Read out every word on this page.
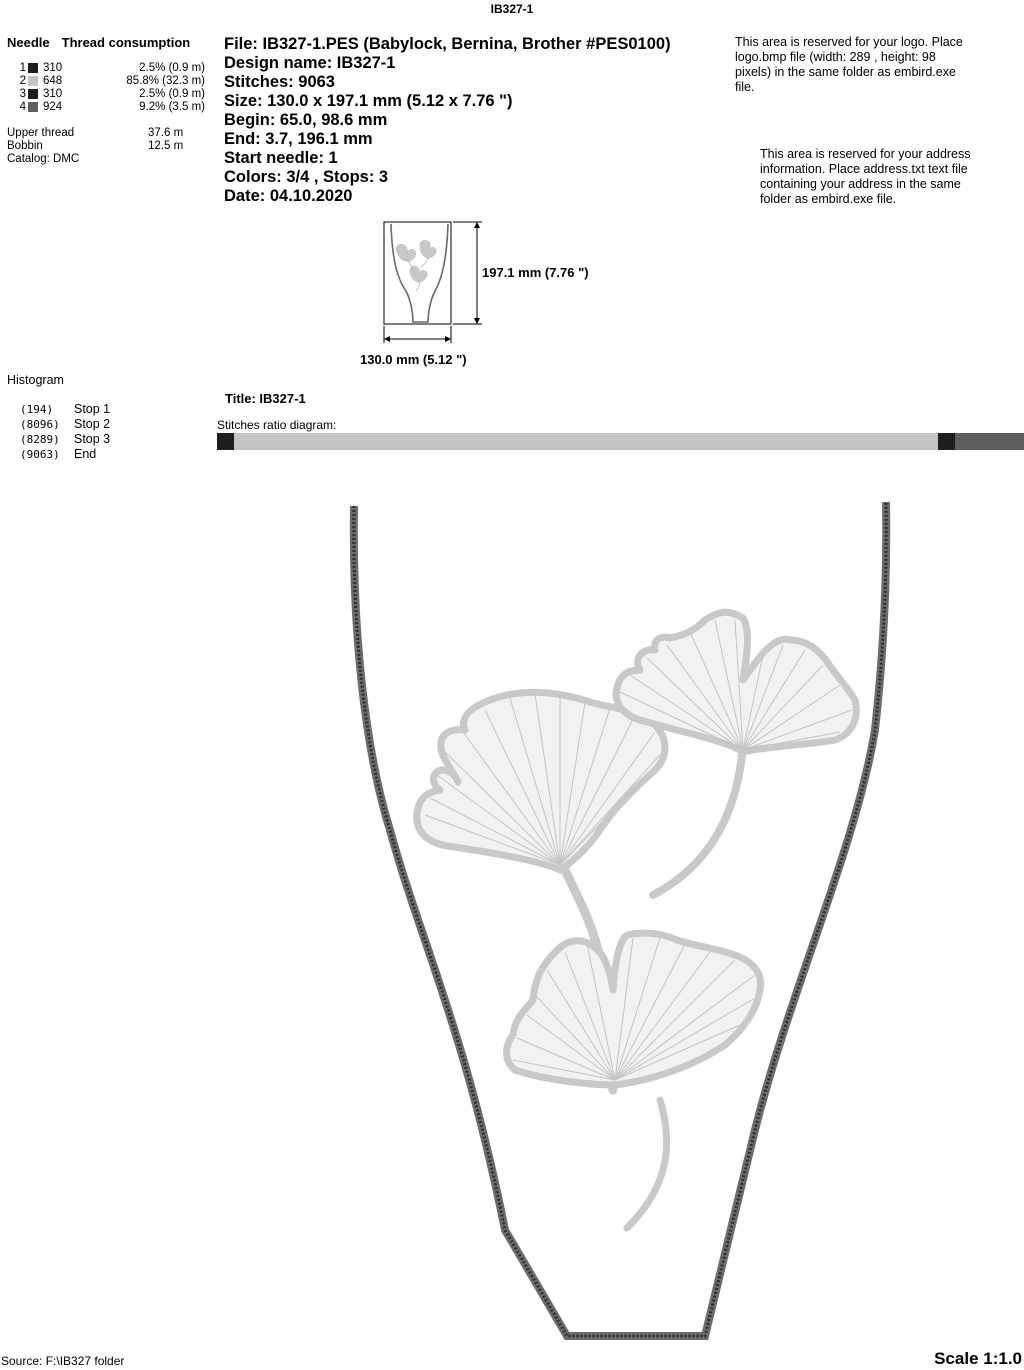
IB327-1
Needle Thread consumption
1 310	2.5% (0.9 m)
2 648	85.8% (32.3 m)
3 310	2.5% (0.9 m)
4 924	9.2% (3.5 m)
Upper thread	37.6 m
Bobbin	12.5 m
Catalog: DMC
File: IB327-1.PES (Babylock, Bernina, Brother #PES0100)
Design name: IB327-1
Stitches: 9063
Size: 130.0 x 197.1 mm (5.12 x 7.76 ")
Begin: 65.0, 98.6 mm
End: 3.7, 196.1 mm
Start needle: 1
Colors: 3/4 , Stops: 3
Date: 04.10.2020
This area is reserved for your logo. Place logo.bmp file (width: 289 , height: 98 pixels) in the same folder as embird.exe file.
This area is reserved for your address information. Place address.txt text file containing your address in the same folder as embird.exe file.
197.1 mm (7.76 ")
130.0 mm (5.12 ")
Histogram
(194) Stop 1
(8096) Stop 2
(8289) Stop 3
(9063) End
Title: IB327-1
Stitches ratio diagram:
Source: F:\IB327 folder	Scale 1:1.0
